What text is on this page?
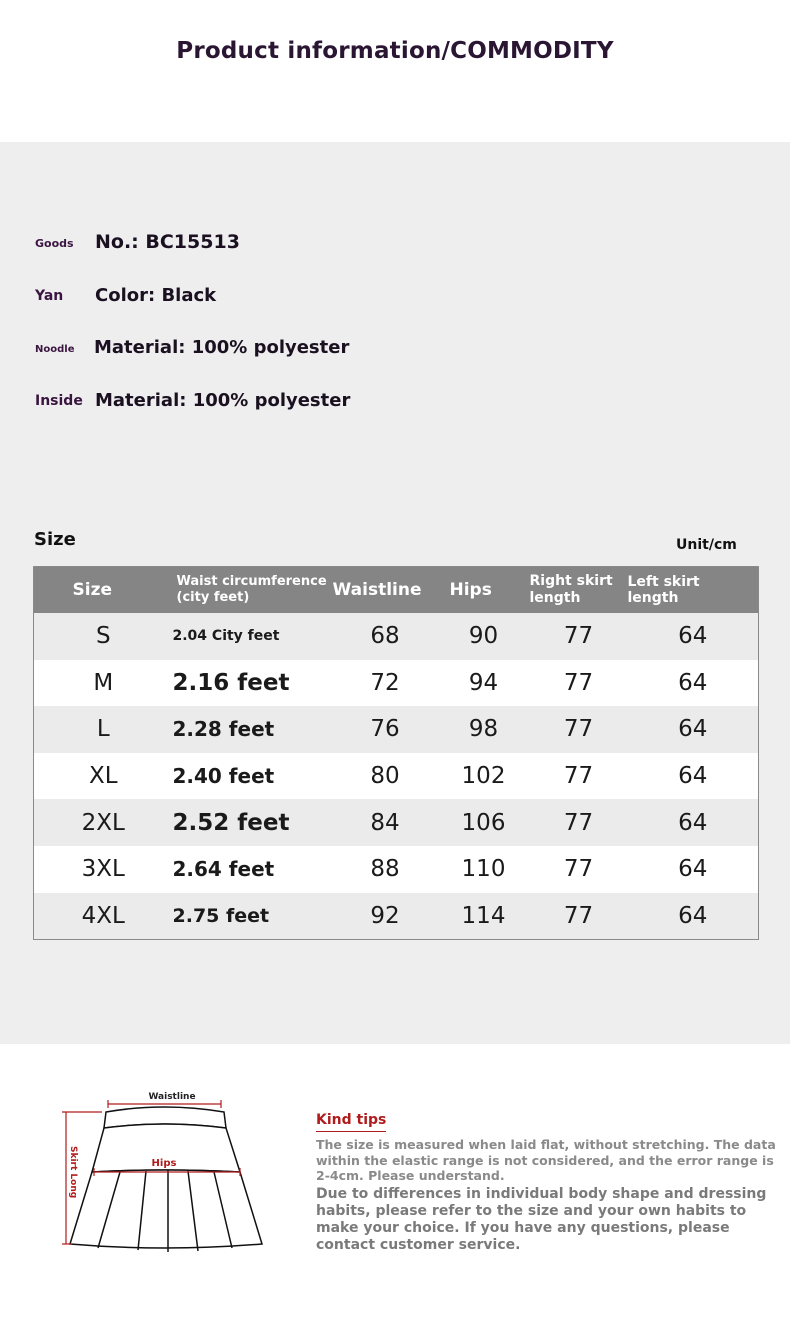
Product information/COMMODITY
Goods No.: BC15513
Yan Color: Black
Noodle Material: 100% polyester
Inside Material: 100% polyester
Size	Unit/cm
Size	Waist circumference (city feet)	Waistline	Hips	Right skirt length	Left skirt length
S	2.04 City feet	68	90	77	64
M	2.16 feet	72	94	77	64
L	2.28 feet	76	98	77	64
XL	2.40 feet	80	102	77	64
2XL	2.52 feet	84	106	77	64
3XL	2.64 feet	88	110	77	64
4XL	2.75 feet	92	114	77	64
Waistline
Hips
Skirt Long
Kind tips
The size is measured when laid flat, without stretching. The data within the elastic range is not considered, and the error range is 2-4cm. Please understand.
Due to differences in individual body shape and dressing habits, please refer to the size and your own habits to make your choice. If you have any questions, please contact customer service.
